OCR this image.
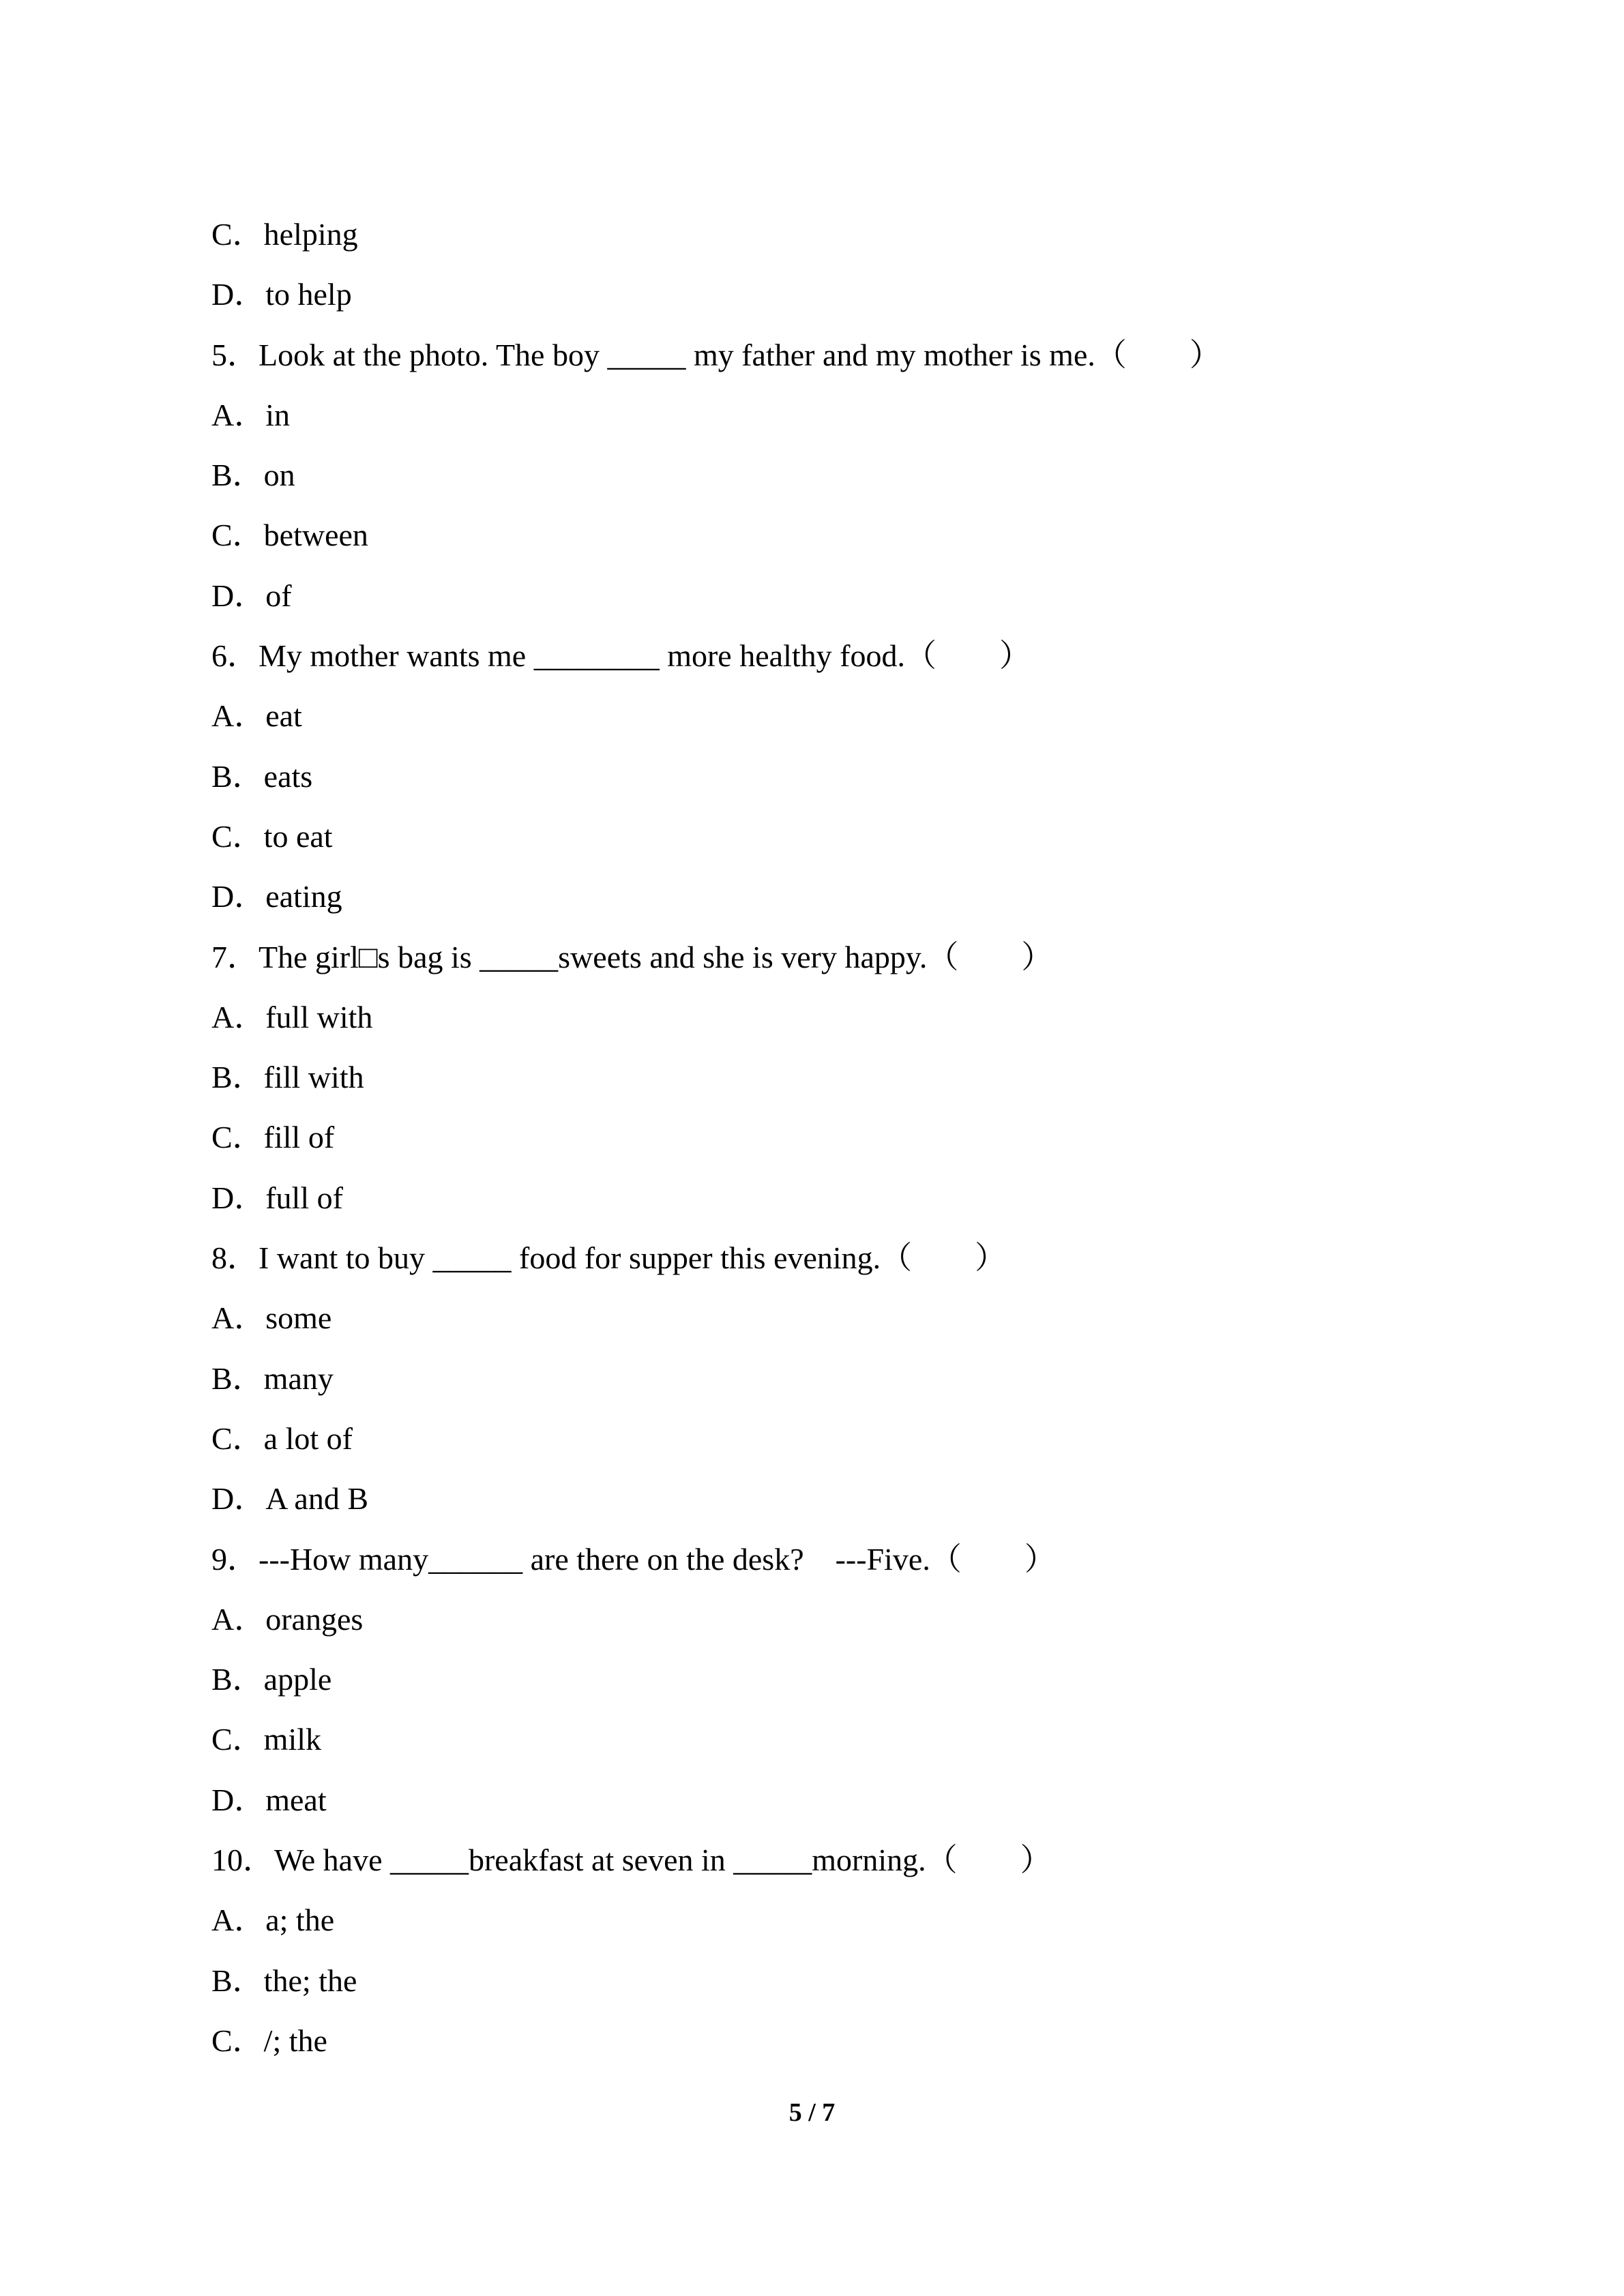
C．helping
D．to help
5．Look at the photo. The boy _____ my father and my mother is me.（　　）
A．in
B．on
C．between
D．of
6．My mother wants me ________ more healthy food.（　　）
A．eat
B．eats
C．to eat
D．eating
7．The girl□s bag is _____sweets and she is very happy.（　　）
A．full with
B．fill with
C．fill of
D．full of
8．I want to buy _____ food for supper this evening.（　　）
A．some
B．many
C．a lot of
D．A and B
9．---How many______ are there on the desk?　---Five.（　　）
A．oranges
B．apple
C．milk
D．meat
10．We have _____breakfast at seven in _____morning.（　　）
A．a; the
B．the; the
C．/; the
5 / 7
